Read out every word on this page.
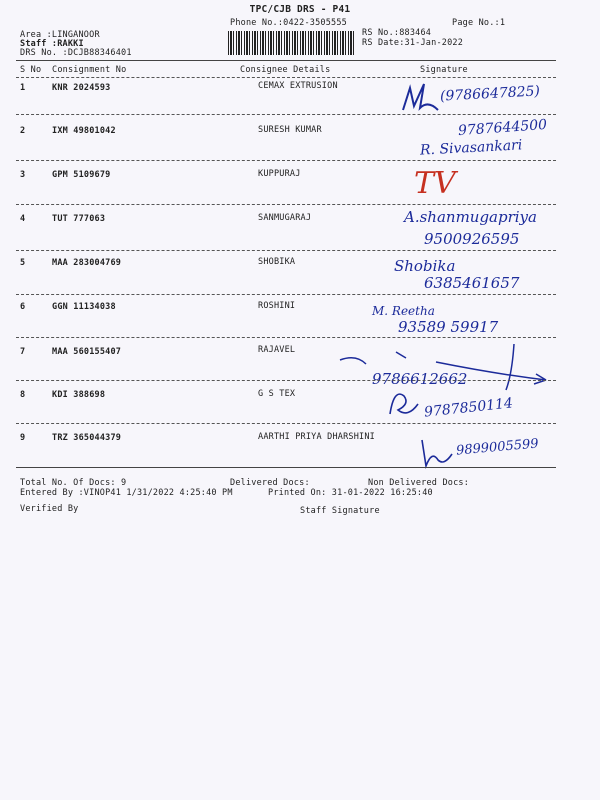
TPC/CJB DRS - P41
Phone No.:0422-3505555	Page No.:1
Area :LINGANOOR
Staff :RAKKI
DRS No. :DCJB88346401
RS No.:883464
RS Date:31-Jan-2022
S No Consignment No	Consignee Details	Signature
1	KNR 2024593	CEMAX EXTRUSION	(9786647825)
2	IXM 49801042	SURESH KUMAR	9787644500
R. Sivasankari
3	GPM 5109679	KUPPURAJ	TV
4	TUT 777063	SANMUGARAJ	A.shanmugapriya
9500926595
5	MAA 283004769	SHOBIKA	Shobika
6385461657
6	GGN 11134038	ROSHINI	M. Reetha
93589 59917
7	MAA 560155407	RAJAVEL
9786612662
8	KDI 388698	G S TEX
9787850114
9	TRZ 365044379	AARTHI PRIYA DHARSHINI	9899005599
Total No. Of Docs: 9	Delivered Docs:	Non Delivered Docs:
Entered By :VINOP41 1/31/2022 4:25:40 PM	Printed On: 31-01-2022 16:25:40
Verified By	Staff Signature
